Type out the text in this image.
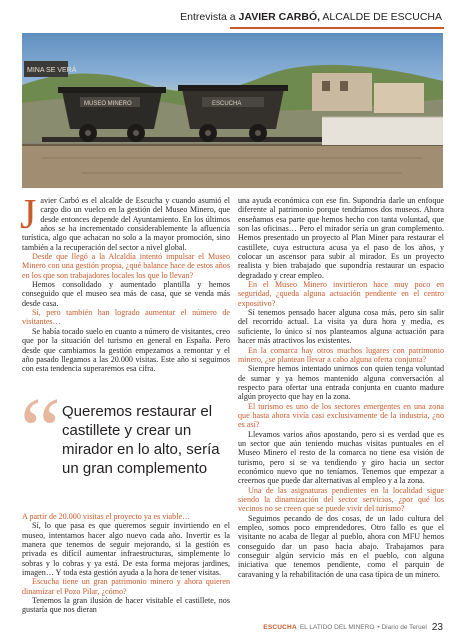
Entrevista a JAVIER CARBÓ, ALCALDE DE ESCUCHA
MINA SE VERÁ
MUSEO MINERO	ESCUCHA
J avier Carbó es el alcalde de Escucha y cuando asumió el cargo dio un vuelco en la gestión del Museo Minero, que desde entonces depende del Ayuntamiento. En los últimos años se ha incrementado considerablemente la afluencia turística, algo que achacan no solo a la mayor promoción, sino también a la recuperación del sector a nivel global.

Desde que llegó a la Alcaldía intentó impulsar el Museo Minero con una gestión propia, ¿qué balance hace de estos años en los que son trabajadores locales los que lo llevan?

Hemos consolidado y aumentado plantilla y hemos conseguido que el museo sea más de casa, que se venda más desde casa.

Sí, pero también han logrado aumentar el número de visitantes…

Se había tocado suelo en cuanto a número de visitantes, creo que por la situación del turismo en general en España. Pero desde que cambiamos la gestión empezamos a remontar y el año pasado llegamos a las 20.000 visitas. Este año si seguimos con esta tendencia superaremos esa cifra.

una ayuda económica con ese fin. Supondría darle un enfoque diferente al patrimonio porque tendríamos dos museos. Ahora enseñamos esa parte que hemos hecho con tanta voluntad, que son las oficinas… Pero el mirador sería un gran complemento. Hemos presentado un proyecto al Plan Miner para restaurar el castillete, cuya estructura acusa ya el paso de los años, y colocar un ascensor para subir al mirador. Es un proyecto realista y bien trabajado que supondría restaurar un espacio degradado y crear empleo.

En el Museo Minero invirtieron hace muy poco en seguridad, ¿queda alguna actuación pendiente en el centro expositivo?

Sí tenemos pensado hacer alguna cosa más, pero sin salir del recorrido actual. La visita ya dura hora y media, es suficiente, lo único sí nos planteamos alguna actuación para hacer más atractivos los existentes.

En la comarca hay otros muchos lugares con patrimonio minero, ¿se plantean llevar a cabo alguna oferta conjunta?

Siempre hemos intentado unirnos con quien tenga voluntad de sumar y ya hemos mantenido alguna conversación al respecto para ofertar una entrada conjunta en cuanto madure algún proyecto que hay en la zona.

El turismo es uno de los sectores emergentes en una zona que hasta ahora vivía casi exclusivamente de la industria, ¿no es así?

Llevamos varios años apostando, pero si es verdad que es un sector que aún teniendo muchas visitas puntuales en el Museo Minero el resto de la comarca no tiene esa visión de turismo, pero si se va tendiendo y giro hacia un sector económico nuevo que no teníamos. Tenemos que empezar a creernos que puede dar alternativas al empleo y a la zona.

Una de las asignaturas pendientes en la localidad sigue siendo la dinamización del sector servicios, ¿por qué los vecinos no se creen que se puede vivir del turismo?

Seguimos pecando de dos cosas, de un lado cultura del empleo, somos poco emprendedores. Otro fallo es que el visitante no acaba de llegar al pueblo, ahora con MFU hemos conseguido dar un paso hacia abajo. Trabajamos para conseguir algún servicio más en el pueblo, con alguna iniciativa que tenemos pendiente, como el parquin de caravaning y la rehabilitación de una casa típica de un minero.

“ Queremos restaurar el castillete y crear un mirador en lo alto, sería un gran complemento

A partir de 20.000 visitas el proyecto ya es viable…

Sí, lo que pasa es que queremos seguir invirtiendo en el museo, intentamos hacer algo nuevo cada año. Invertir es la manera que tenemos de seguir mejorando, si la gestión es privada es difícil aumentar infraestructuras, simplemente lo sobras y lo cobras y ya está. De esta forma mejoras jardines, imagen… Y toda esta gestión ayuda a la hora de tener visitas.

Escucha tiene un gran patrimonio minero y ahora quieren dinamizar el Pozo Pilar, ¿cómo?

Tenemos la gran ilusión de hacer visitable el castillete, nos gustaría que nos dieran

ESCUCHA EL LATIDO DEL MINERO • Diario de Teruel 23
